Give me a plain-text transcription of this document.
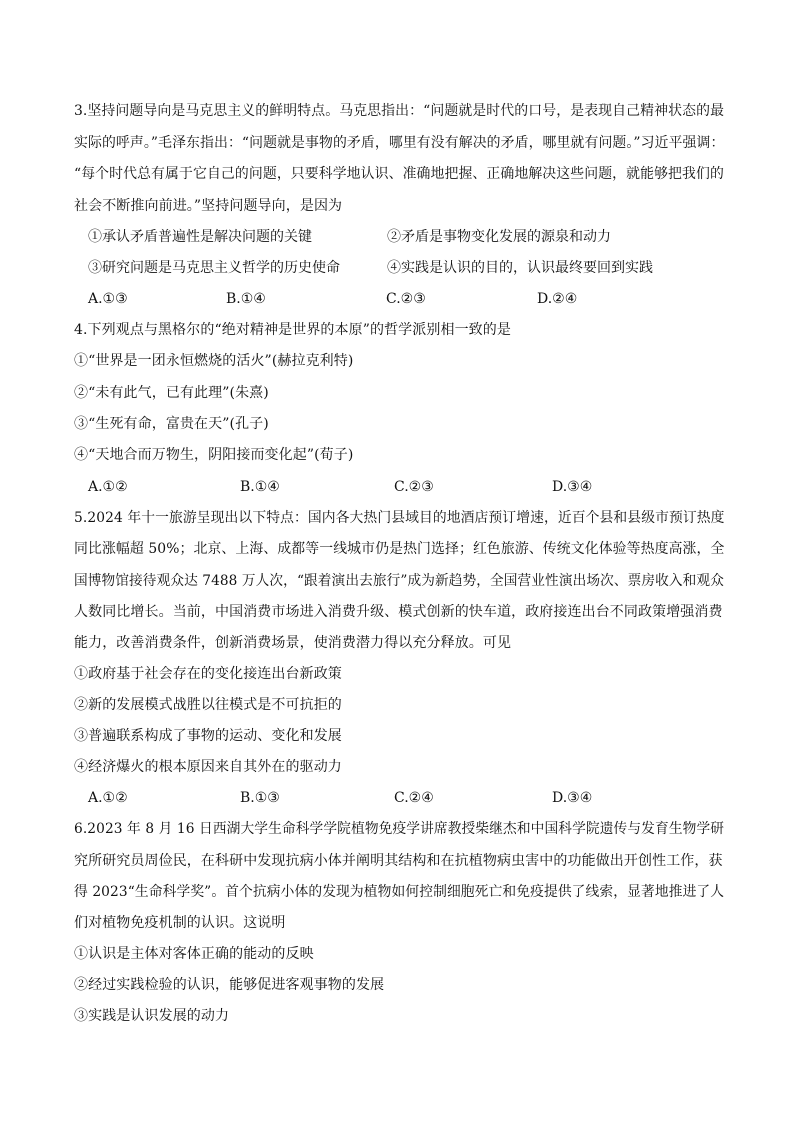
3.坚持问题导向是马克思主义的鲜明特点。马克思指出：“问题就是时代的口号，是表现自己精神状态的最
实际的呼声。”毛泽东指出：“问题就是事物的矛盾，哪里有没有解决的矛盾，哪里就有问题。”习近平强调：
“每个时代总有属于它自己的问题，只要科学地认识、准确地把握、正确地解决这些问题，就能够把我们的
社会不断推向前进。”坚持问题导向，是因为
①承认矛盾普遍性是解决问题的关键	②矛盾是事物变化发展的源泉和动力
③研究问题是马克思主义哲学的历史使命	④实践是认识的目的，认识最终要回到实践
A.①③	B.①④	C.②③	D.②④
4.下列观点与黑格尔的“绝对精神是世界的本原”的哲学派别相一致的是
①“世界是一团永恒燃烧的活火”(赫拉克利特)
②“未有此气，已有此理”(朱熹)
③“生死有命，富贵在天”(孔子)
④“天地合而万物生，阴阳接而变化起”(荀子)
A.①②	B.①④	C.②③	D.③④
5.2024 年十一旅游呈现出以下特点：国内各大热门县域目的地酒店预订增速，近百个县和县级市预订热度
同比涨幅超 50%；北京、上海、成都等一线城市仍是热门选择；红色旅游、传统文化体验等热度高涨，全
国博物馆接待观众达 7488 万人次，“跟着演出去旅行”成为新趋势，全国营业性演出场次、票房收入和观众
人数同比增长。当前，中国消费市场进入消费升级、模式创新的快车道，政府接连出台不同政策增强消费
能力，改善消费条件，创新消费场景，使消费潜力得以充分释放。可见
①政府基于社会存在的变化接连出台新政策
②新的发展模式战胜以往模式是不可抗拒的
③普遍联系构成了事物的运动、变化和发展
④经济爆火的根本原因来自其外在的驱动力
A.①②	B.①③	C.②④	D.③④
6.2023 年 8 月 16 日西湖大学生命科学学院植物免疫学讲席教授柴继杰和中国科学院遗传与发育生物学研
究所研究员周俭民，在科研中发现抗病小体并阐明其结构和在抗植物病虫害中的功能做出开创性工作，获
得 2023“生命科学奖”。首个抗病小体的发现为植物如何控制细胞死亡和免疫提供了线索，显著地推进了人
们对植物免疫机制的认识。这说明
①认识是主体对客体正确的能动的反映
②经过实践检验的认识，能够促进客观事物的发展
③实践是认识发展的动力
